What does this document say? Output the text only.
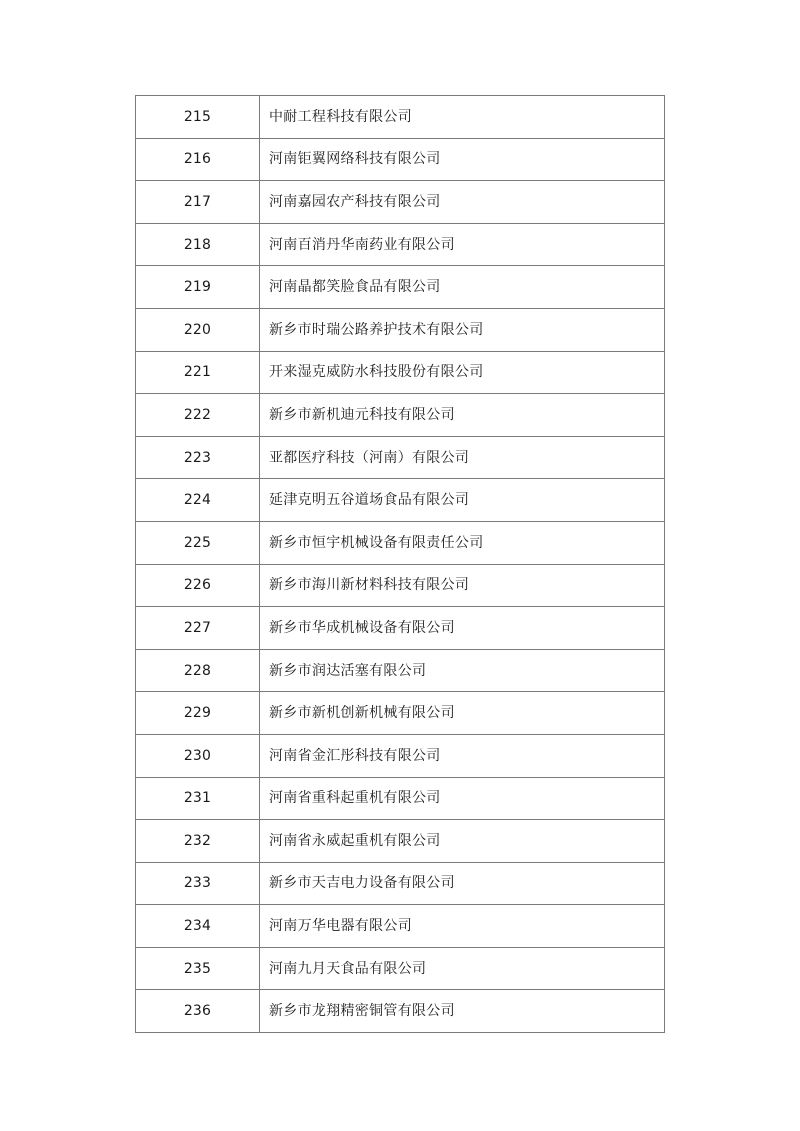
215	中耐工程科技有限公司
216	河南钜翼网络科技有限公司
217	河南嘉园农产科技有限公司
218	河南百消丹华南药业有限公司
219	河南晶都笑脸食品有限公司
220	新乡市时瑞公路养护技术有限公司
221	开来湿克威防水科技股份有限公司
222	新乡市新机迪元科技有限公司
223	亚都医疗科技（河南）有限公司
224	延津克明五谷道场食品有限公司
225	新乡市恒宇机械设备有限责任公司
226	新乡市海川新材料科技有限公司
227	新乡市华成机械设备有限公司
228	新乡市润达活塞有限公司
229	新乡市新机创新机械有限公司
230	河南省金汇彤科技有限公司
231	河南省重科起重机有限公司
232	河南省永威起重机有限公司
233	新乡市天吉电力设备有限公司
234	河南万华电器有限公司
235	河南九月天食品有限公司
236	新乡市龙翔精密铜管有限公司
